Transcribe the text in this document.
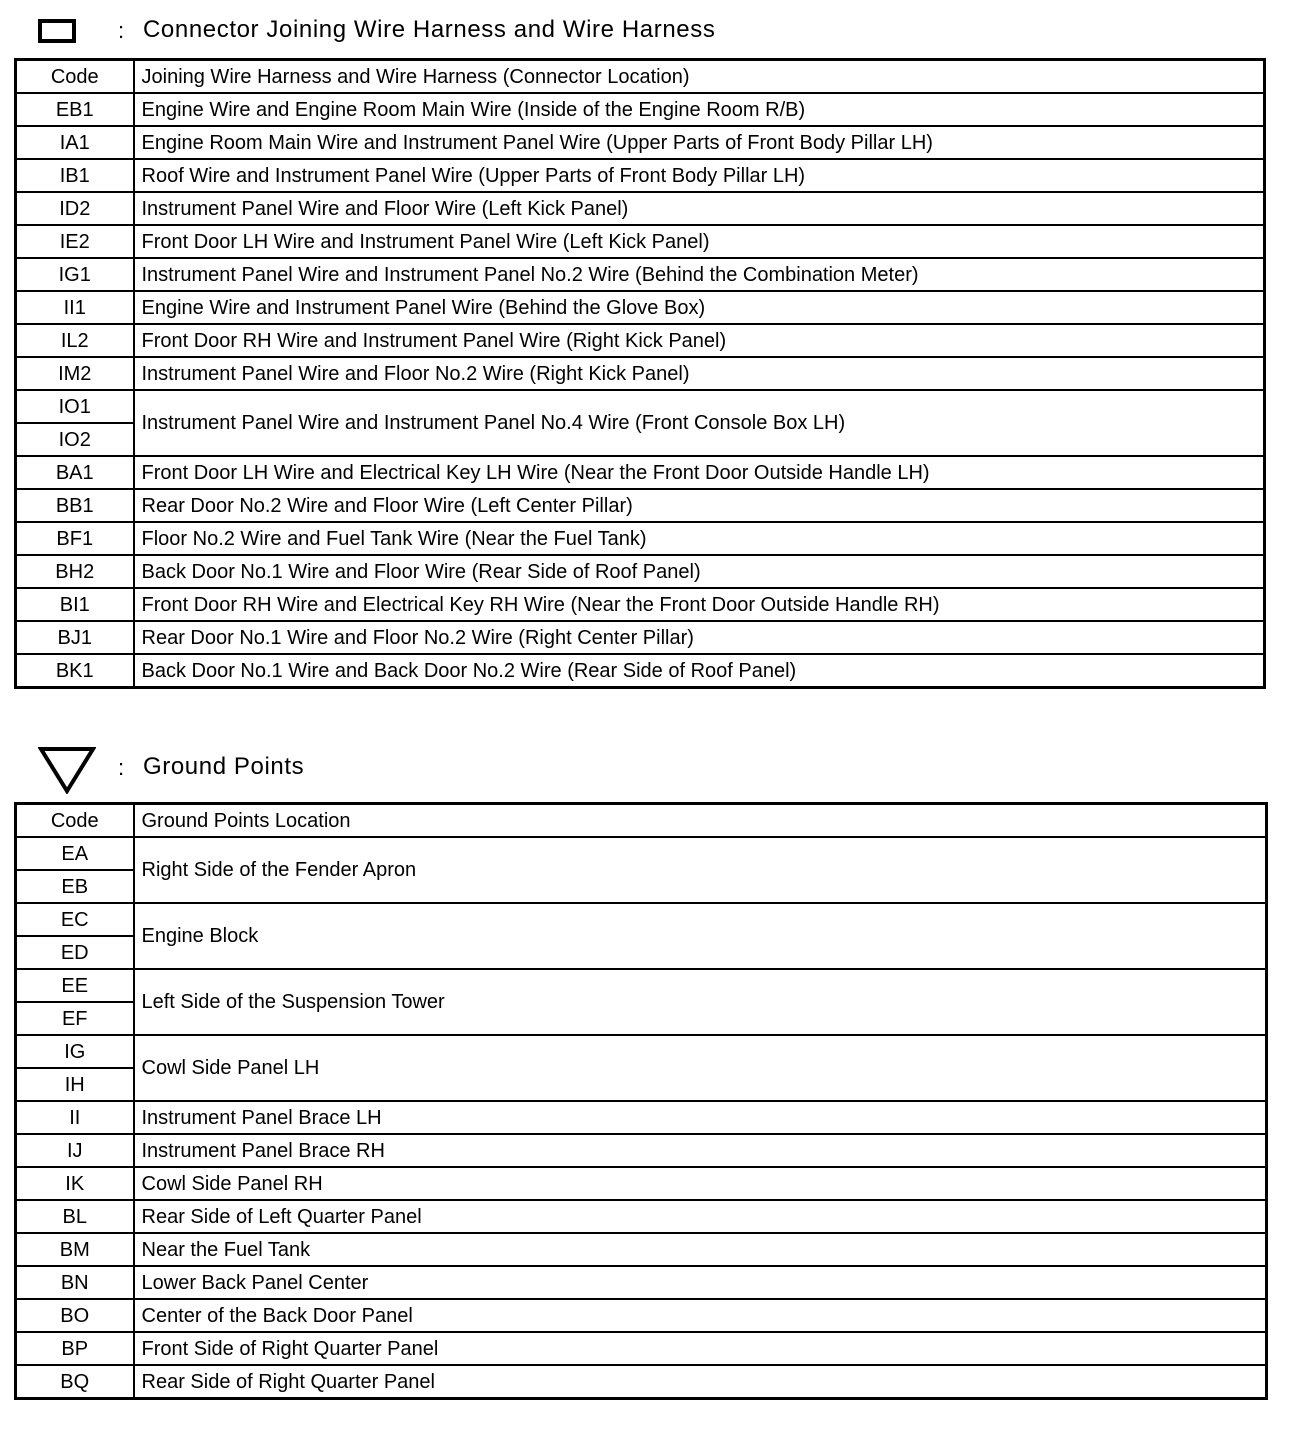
: Connector Joining Wire Harness and Wire Harness
Code	Joining Wire Harness and Wire Harness (Connector Location)
EB1	Engine Wire and Engine Room Main Wire (Inside of the Engine Room R/B)
IA1	Engine Room Main Wire and Instrument Panel Wire (Upper Parts of Front Body Pillar LH)
IB1	Roof Wire and Instrument Panel Wire (Upper Parts of Front Body Pillar LH)
ID2	Instrument Panel Wire and Floor Wire (Left Kick Panel)
IE2	Front Door LH Wire and Instrument Panel Wire (Left Kick Panel)
IG1	Instrument Panel Wire and Instrument Panel No.2 Wire (Behind the Combination Meter)
II1	Engine Wire and Instrument Panel Wire (Behind the Glove Box)
IL2	Front Door RH Wire and Instrument Panel Wire (Right Kick Panel)
IM2	Instrument Panel Wire and Floor No.2 Wire (Right Kick Panel)
IO1	Instrument Panel Wire and Instrument Panel No.4 Wire (Front Console Box LH)
IO2	
BA1	Front Door LH Wire and Electrical Key LH Wire (Near the Front Door Outside Handle LH)
BB1	Rear Door No.2 Wire and Floor Wire (Left Center Pillar)
BF1	Floor No.2 Wire and Fuel Tank Wire (Near the Fuel Tank)
BH2	Back Door No.1 Wire and Floor Wire (Rear Side of Roof Panel)
BI1	Front Door RH Wire and Electrical Key RH Wire (Near the Front Door Outside Handle RH)
BJ1	Rear Door No.1 Wire and Floor No.2 Wire (Right Center Pillar)
BK1	Back Door No.1 Wire and Back Door No.2 Wire (Rear Side of Roof Panel)
: Ground Points
Code	Ground Points Location
EA	Right Side of the Fender Apron
EB	
EC	Engine Block
ED	
EE	Left Side of the Suspension Tower
EF	
IG	Cowl Side Panel LH
IH	
II	Instrument Panel Brace LH
IJ	Instrument Panel Brace RH
IK	Cowl Side Panel RH
BL	Rear Side of Left Quarter Panel
BM	Near the Fuel Tank
BN	Lower Back Panel Center
BO	Center of the Back Door Panel
BP	Front Side of Right Quarter Panel
BQ	Rear Side of Right Quarter Panel
